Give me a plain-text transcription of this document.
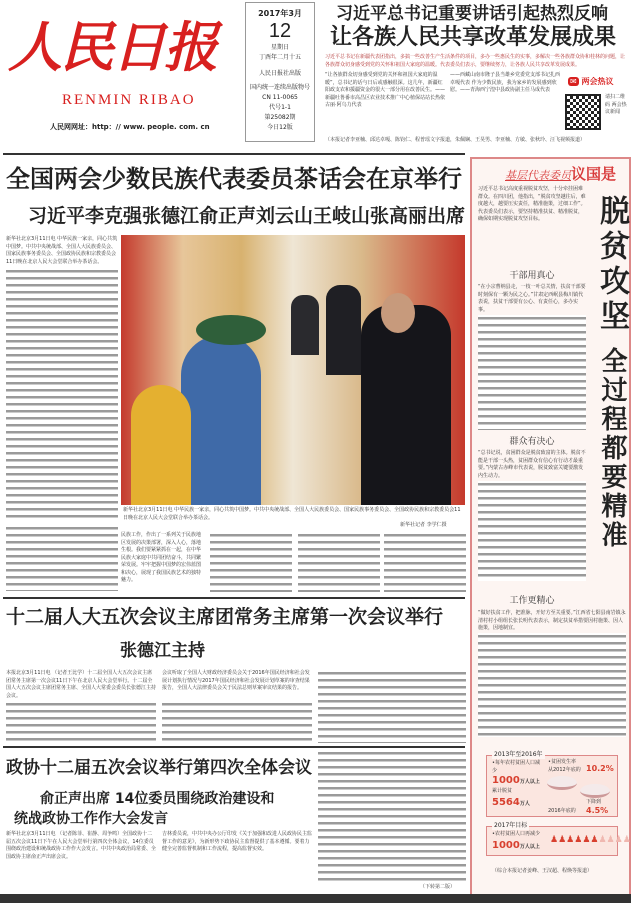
人民日报
RENMIN RIBAO
人民网网址：http：// www. people. com. cn
2017年3月
12
星期日
丁酉年二月十五
人民日报社出版
国内统一连续出版物号
CN 11-0065
代号1-1
第25082期
今日12版
习近平总书记重要讲话引起热烈反响
让各族人民共享改革发展成果
习近平总书记在新疆代表团指出，多搞一些改善生产生活条件的项目，多办一些惠民生的实事，多解决一些各族群众协和桂林的问题，让各族群众切身感受到党的关怀和祖国大家庭的温暖。代表委员们表示，要继续努力，让各族人民共享改革发展成果。
“让各族群众切身感受到党的关怀和祖国大家庭的温暖”，总书记的话与日后或感触很深。这几年，新疆红阳政支农和援疆资金的很大一部分用在改善民生。——新疆吐鲁番市高昌区农业技术推广中心植保站站长热依古丽·阿乌力代表
——西藏山南市隆子县当雄乡党委党支部书记扎西卓嘎代表 作为少数民族，我为家乡的发展感到欣慰。——青海西宁湟中县政协副主任马成代表
✉ 两会热议
请扫二维码 两会热议新闻
（本报记者李亚楠、邱达卓嘎、陈钧仁、程普瑶文字报道，朱佩娴、王昊男、李亚楠、方敏、张秋玲、汪飞视频报道）
全国两会少数民族代表委员茶话会在京举行
习近平李克强张德江俞正声刘云山王岐山张高丽出席
新华社北京3月11日电 中华民族一家亲，同心共筑中国梦。中共中央统战部、全国人大民族委员会、国家民族事务委员会、全国政协民族和宗教委员会11日晚在北京人民大会堂联合举办茶话会。
新华社北京3月11日电 中华民族一家亲，同心共筑中国梦。中共中央统战部、全国人大民族委员会、国家民族事务委员会、全国政协民族和宗教委员会11日晚在北京人民大会堂联合举办茶话会。
新华社记者 李学仁摄
民族工作，作出了一系列关于民族地区发展的决策部署，深入人心，落地生根。我们要紧紧抓在一起，在中华民族大家庭中共同团结奋斗，共同繁荣发展。牢牢把握中国梦的宏伟蓝图和决心，展现了我国民族艺术的独特魅力。
十二届人大五次会议主席团常务主席第一次会议举行
张德江主持
本报北京3月11日电 （记者王比学）十二届全国人大五次会议主席团常务主席第一次会议11日下午在北京人民大会堂举行。十二届全国人大五次会议主席团常务主席、全国人大常委会委员长张德江主持会议。
会议听取了全国人大财政经济委员会关于2016年国民经济和社会发展计划执行情况与2017年国民经济和社会发展计划草案的审查结果报告，全国人大法律委员会关于民法总则草案审议结果的报告。
政协十二届五次会议举行第四次全体会议
俞正声出席 14位委员围绕政治建设和
统战政协工作作大会发言
新华社北京3月11日电 （记者陈菲、崔静、周争鸣）全国政协十二届五次会议11日下午在人民大会堂举行第四次全体会议，14位委员围绕政治建设和统战政协工作作大会发言。中共中央政治局常委、全国政协主席俞正声出席会议。
吉林委员说，中共中央办公厅印发《关于加强和改进人民政协民主监督工作的意见》，为新形势下政协民主监督提供了基本遵循。要着力健全完善监督机制和工作流程，提高监督实效。
（下转第二版）
基层代表委员议国是
习近平总书记高度重视脱贫攻坚，十分牵挂困难群众。在四川团，他指出，“脱贫攻坚越往后，难度越大，越要压实责任，精准施策，过细工作”。代表委员们表示，要坚持精准扶贫、精准脱贫，确保如期实现脱贫攻坚目标。	脱贫攻坚
全过程都要精准
干部用真心
“在小宗曹纳县走，一枝一叶总关情，扶贫干部要时刻保有一颗为民之心。”甘肃定西岷县梅川镇代表说，扶贫干部要有公心、有责任心，多办实事。
群众有决心
“总书记说，贫困群众是脱贫致富的主体。脱贫不能是干部一头热，贫困群众有信心有行动才最重要。”内蒙古赤峰市代表说，脱贫致富关键要激发内生动力。
工作更精心
“做好扶贫工作，把准脉，开好方至关重要。”江西省七阳县南岩镇永清村村小组组长张长明代表表示，制定扶贫举措要因村施策、因人施策，因地制宜。
2013年至2016年
•每年农村贫困人口减少
1000万人以上
累计脱贫
5564万人
•贫困发生率
从2012年底的 10.2%
下降到
2016年底的 4.5%
2017年目标
•农村贫困人口再减少
1000万人以上
♟♟♟♟♟♟♟♟♟♟
（综合本报记者姜峰、王汉超、程焕等报道）
